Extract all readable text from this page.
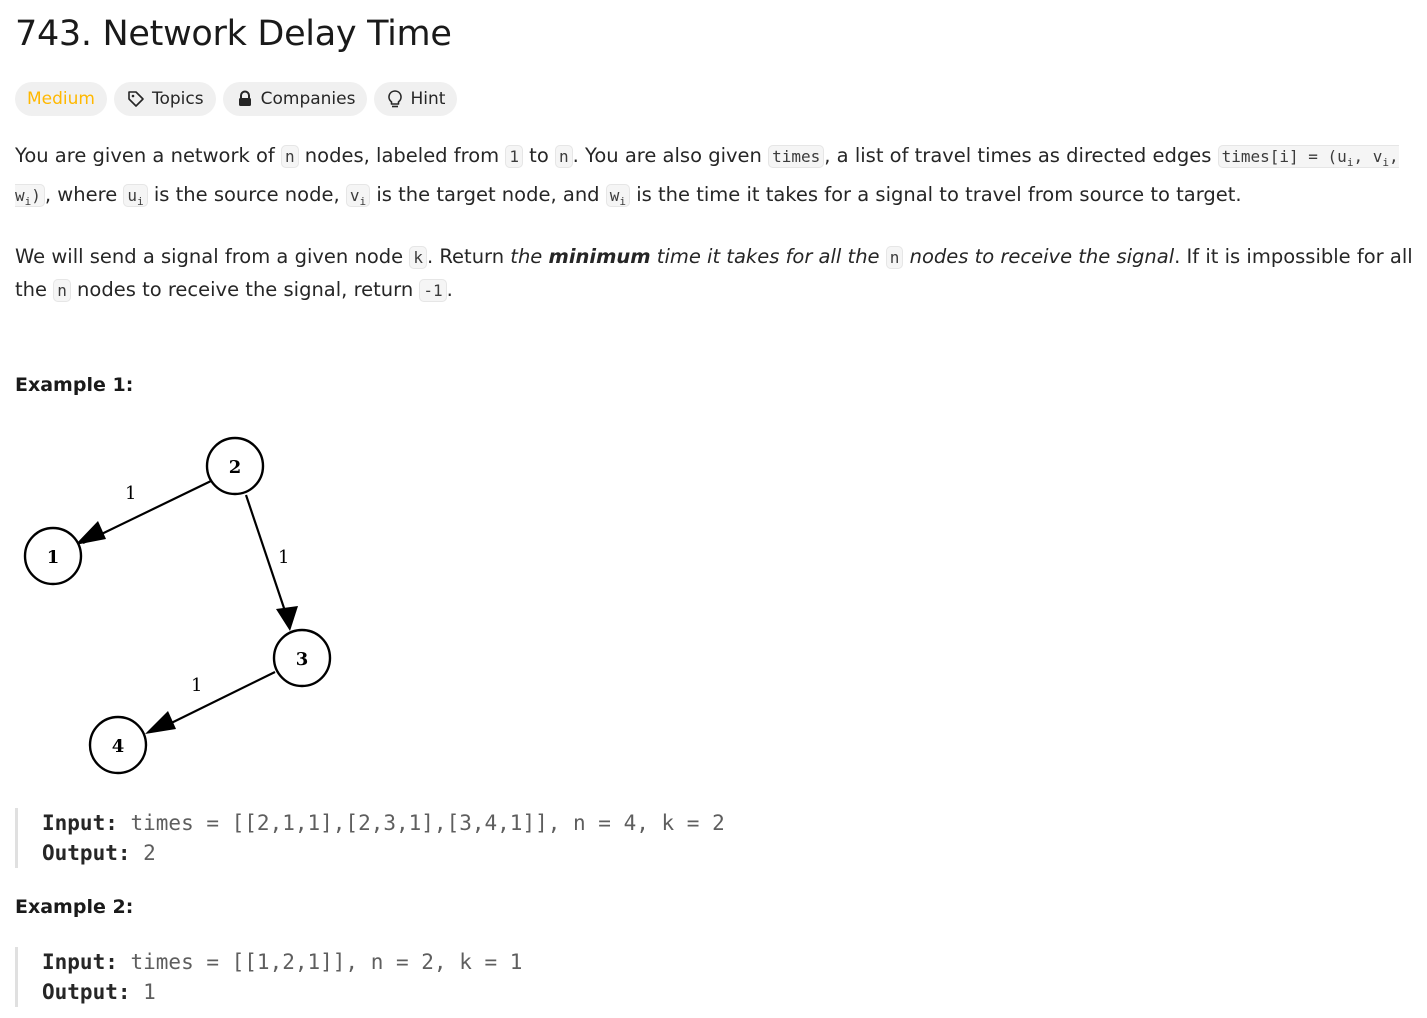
743. Network Delay Time
Medium	Topics	Companies	Hint

You are given a network of n nodes, labeled from 1 to n . You are also given times , a list of travel times as directed edges times[i] = ($u_i$, $v_i$, $w_i$) , where $u_i$ is the source node, $v_i$ is the target node, and $w_i$ is the time it takes for a signal to travel from source to target.

We will send a signal from a given node k . Return the minimum time it takes for all the n nodes to receive the signal. If it is impossible for all the n nodes to receive the signal, return -1 .

Example 1:
1
1
1
2
1
3
4
Input: times = [[2,1,1],[2,3,1],[3,4,1]], n = 4, k = 2
Output: 2
Example 2:
Input: times = [[1,2,1]], n = 2, k = 1
Output: 1
